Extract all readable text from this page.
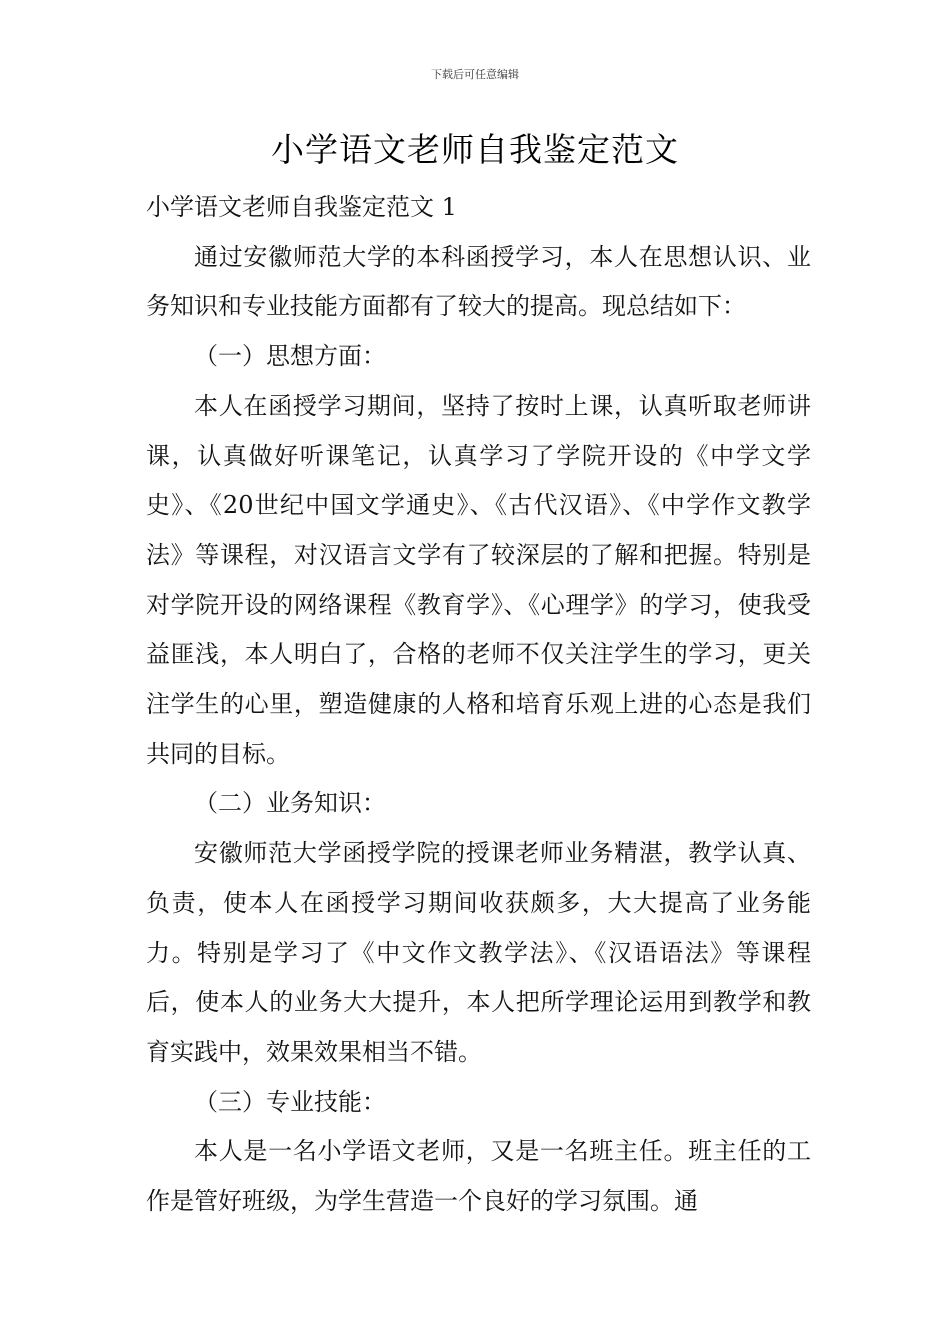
下载后可任意编辑
小学语文老师自我鉴定范文

小学语文老师自我鉴定范文 1

通过安徽师范大学的本科函授学习，本人在思想认识、业务知识和专业技能方面都有了较大的提高。现总结如下：

（一）思想方面：

本人在函授学习期间，坚持了按时上课，认真听取老师讲课，认真做好听课笔记，认真学习了学院开设的《中学文学史》、《20世纪中国文学通史》、《古代汉语》、《中学作文教学法》等课程，对汉语言文学有了较深层的了解和把握。特别是对学院开设的网络课程《教育学》、《心理学》的学习，使我受益匪浅，本人明白了，合格的老师不仅关注学生的学习，更关注学生的心里，塑造健康的人格和培育乐观上进的心态是我们共同的目标。

（二）业务知识：

安徽师范大学函授学院的授课老师业务精湛，教学认真、负责，使本人在函授学习期间收获颇多，大大提高了业务能力。特别是学习了《中文作文教学法》、《汉语语法》等课程后，使本人的业务大大提升，本人把所学理论运用到教学和教育实践中，效果效果相当不错。

（三）专业技能：

本人是一名小学语文老师，又是一名班主任。班主任的工作是管好班级，为学生营造一个良好的学习氛围。通
